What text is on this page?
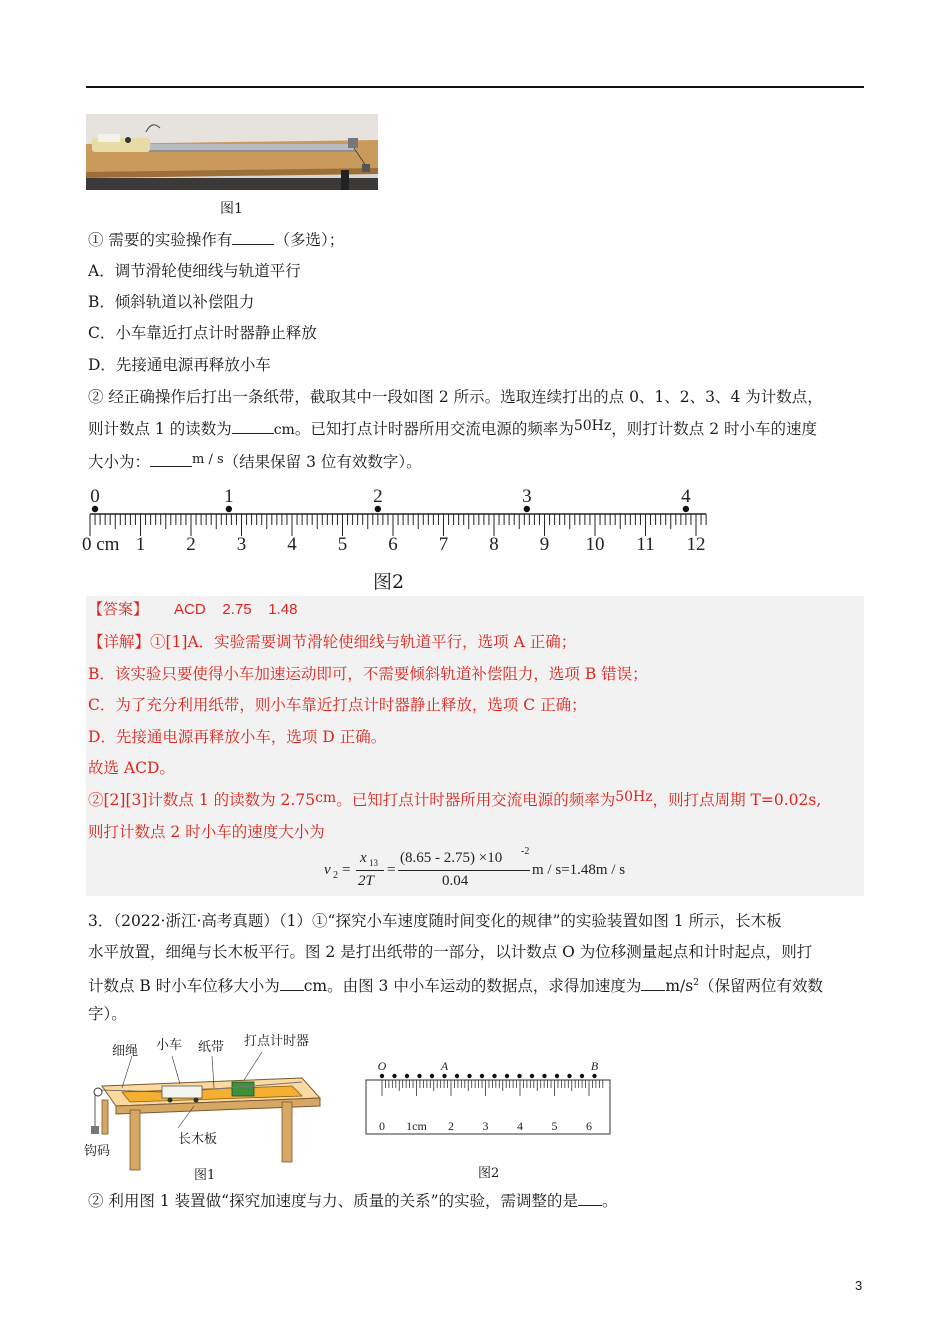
图1
① 需要的实验操作有	（多选）；
A．调节滑轮使细线与轨道平行
B．倾斜轨道以补偿阻力
C．小车靠近打点计时器静止释放
D．先接通电源再释放小车
② 经正确操作后打出一条纸带，截取其中一段如图 2 所示。选取连续打出的点 0、1、2、3、4 为计数点，
则计数点 1 的读数为	cm。已知打点计时器所用交流电源的频率为50Hz，则打计数点 2 时小车的速度
大小为：	$^{m / s}$（结果保留 3 位有效数字）。
0 cm 1 2 3 4 5 6 7 8 9 10 11 12
0	1	2	3	4
图2
【答案】 ACD    2.75    1.48
【详解】①[1]A．实验需要调节滑轮使细线与轨道平行，选项 A 正确；
B．该实验只要使得小车加速运动即可，不需要倾斜轨道补偿阻力，选项 B 错误；
C．为了充分利用纸带，则小车靠近打点计时器静止释放，选项 C 正确；
D．先接通电源再释放小车，选项 D 正确。
故选 ACD。
②[2][3]计数点 1 的读数为 2.75cm。已知打点计时器所用交流电源的频率为50Hz，则打点周期 T=0.02s,
则打计数点 2 时小车的速度大小为
v 2 =
x 13
2T
=
(8.65 - 2.75) ×10 -2
0.04
m / s=1.48m / s
3．（2022·浙江·高考真题）（1）①“探究小车速度随时间变化的规律”的实验装置如图 1 所示，长木板
水平放置，细绳与长木板平行。图 2 是打出纸带的一部分，以计数点 O 为位移测量起点和计时起点，则打
计数点 B 时小车位移大小为 cm。由图 3 中小车运动的数据点，求得加速度为 $m/s^2$（保留两位有效数
字）。
细绳 小车 纸带 打点计时器
长木板
钩码
图1
0 1cm 2 3 4 5 6
O	A	B
图2
② 利用图 1 装置做“探究加速度与力、质量的关系”的实验，需调整的是 。
3
